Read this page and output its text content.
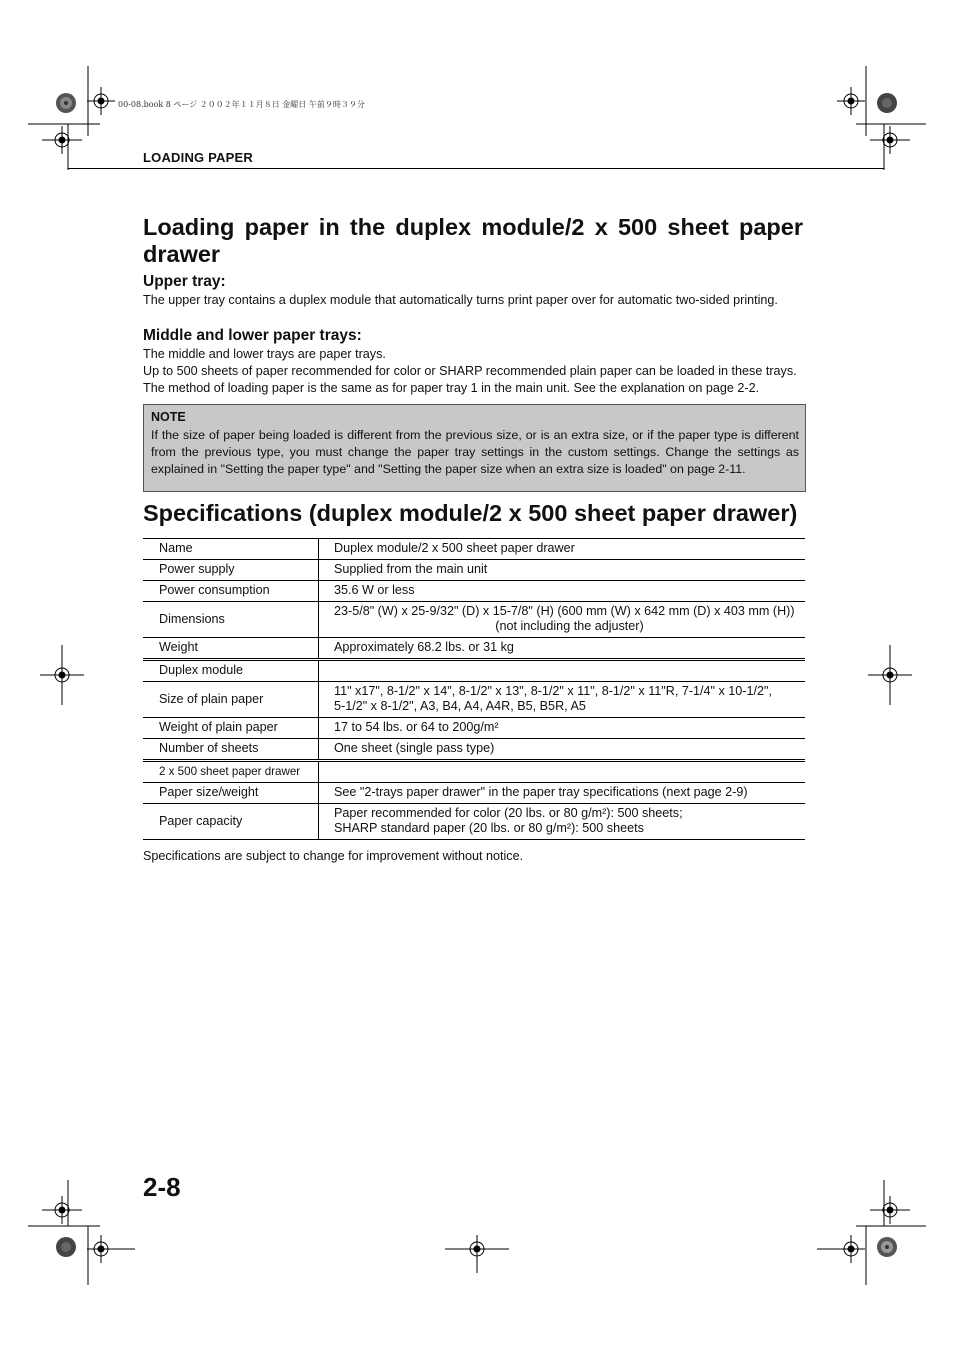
00-08.book 8 ページ ２００２年１１月８日 金曜日 午前９時３９分
LOADING PAPER
Loading paper in the duplex module/2 x 500 sheet paper
drawer
Upper tray:
The upper tray contains a duplex module that automatically turns print paper over for automatic two-sided printing.
Middle and lower paper trays:
The middle and lower trays are paper trays.
Up to 500 sheets of paper recommended for color or SHARP recommended plain paper can be loaded in these trays.
The method of loading paper is the same as for paper tray 1 in the main unit. See the explanation on page 2-2.
NOTE
If the size of paper being loaded is different from the previous size, or is an extra size, or if the paper type is different from the previous type, you must change the paper tray settings in the custom settings. Change the settings as explained in "Setting the paper type" and "Setting the paper size when an extra size is loaded" on page 2-11.
Specifications (duplex module/2 x 500 sheet paper drawer)
Name	Duplex module/2 x 500 sheet paper drawer
Power supply	Supplied from the main unit
Power consumption	35.6 W or less
Dimensions	23-5/8" (W) x 25-9/32" (D) x 15-7/8" (H) (600 mm (W) x 642 mm (D) x 403 mm (H))
(not including the adjuster)

Weight	Approximately 68.2 lbs. or 31 kg
Duplex module	
Size of plain paper	11" x17", 8-1/2" x 14", 8-1/2" x 13", 8-1/2" x 11", 8-1/2" x 11"R, 7-1/4" x 10-1/2",
5-1/2" x 8-1/2", A3, B4, A4, A4R, B5, B5R, A5

Weight of plain paper	17 to 54 lbs. or 64 to 200g/m²
Number of sheets	One sheet (single pass type)
2 x 500 sheet paper drawer	
Paper size/weight	See "2-trays paper drawer" in the paper tray specifications (next page 2-9)
Paper capacity	Paper recommended for color (20 lbs. or 80 g/m²): 500 sheets;
SHARP standard paper (20 lbs. or 80 g/m²): 500 sheets
Specifications are subject to change for improvement without notice.
2-8
